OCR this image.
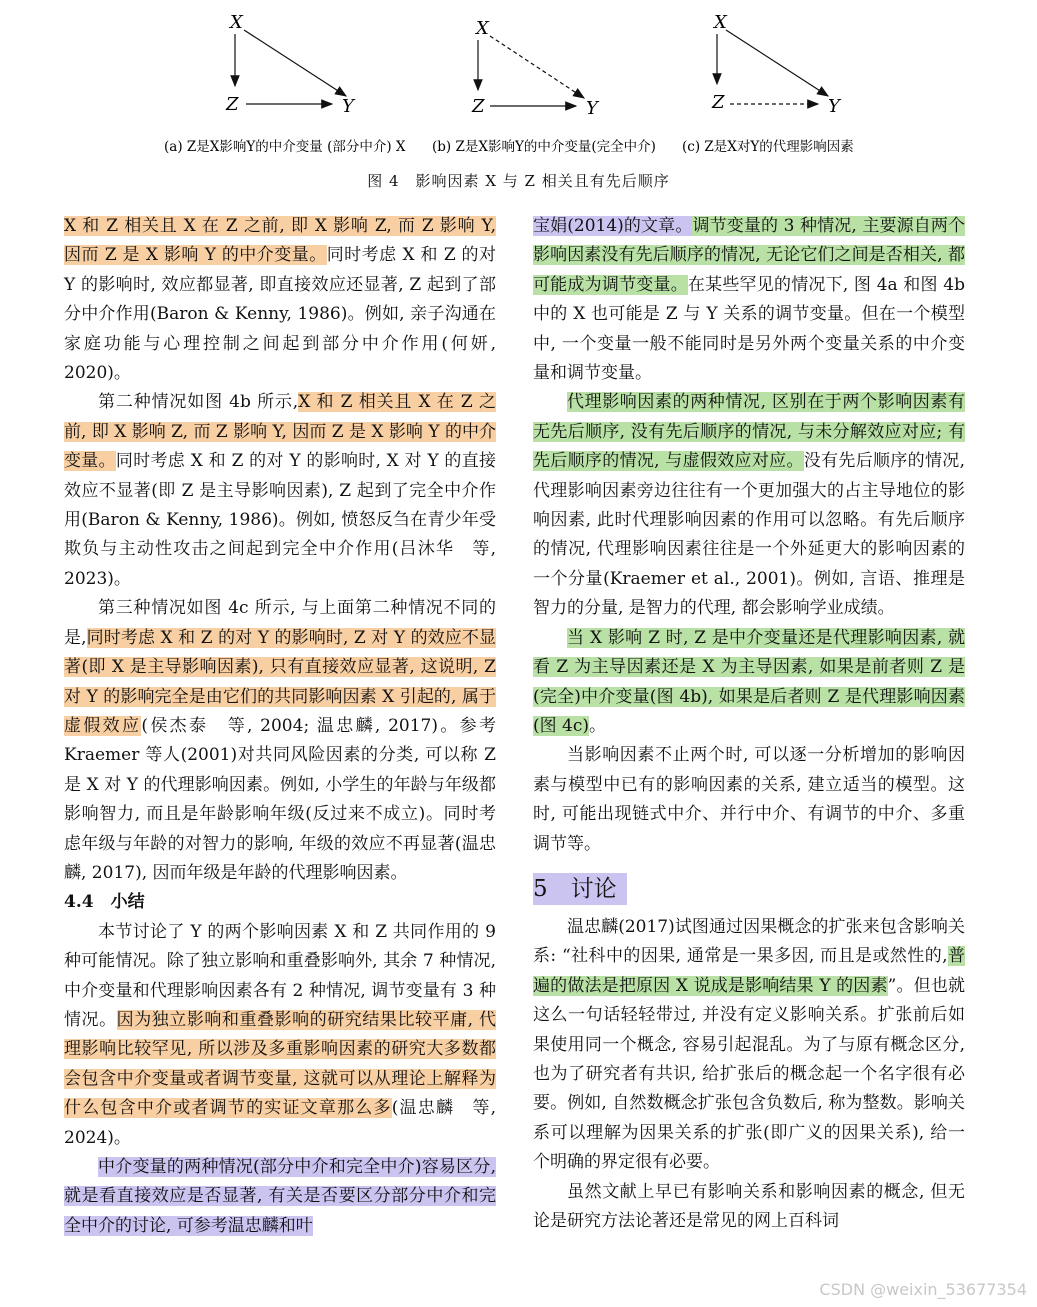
X
Z	Y
X
Z	Y
X
Z	Y
(a) Z是X影响Y的中介变量 (部分中介) X (b) Z是X影响Y的中介变量(完全中介) (c) Z是X对Y的代理影响因素
图 4　影响因素 X 与 Z 相关且有先后顺序

X 和 Z 相关且 X 在 Z 之前, 即 X 影响 Z, 而 Z 影响 Y, 因而 Z 是 X 影响 Y 的中介变量。同时考虑 X 和 Z 的对 Y 的影响时, 效应都显著, 即直接效应还显著, Z 起到了部分中介作用(Baron & Kenny, 1986)。例如, 亲子沟通在家庭功能与心理控制之间起到部分中介作用(何妍, 2020)。

第二种情况如图 4b 所示,X 和 Z 相关且 X 在 Z 之前, 即 X 影响 Z, 而 Z 影响 Y, 因而 Z 是 X 影响 Y 的中介变量。同时考虑 X 和 Z 的对 Y 的影响时, X 对 Y 的直接效应不显著(即 Z 是主导影响因素), Z 起到了完全中介作用(Baron & Kenny, 1986)。例如, 愤怒反刍在青少年受欺负与主动性攻击之间起到完全中介作用(吕沐华　等, 2023)。

第三种情况如图 4c 所示, 与上面第二种情况不同的是,同时考虑 X 和 Z 的对 Y 的影响时, Z 对 Y 的效应不显著(即 X 是主导影响因素), 只有直接效应显著, 这说明, Z 对 Y 的影响完全是由它们的共同影响因素 X 引起的, 属于虚假效应(侯杰泰　等, 2004; 温忠麟, 2017)。参考 Kraemer 等人(2001)对共同风险因素的分类, 可以称 Z 是 X 对 Y 的代理影响因素。例如, 小学生的年龄与年级都影响智力, 而且是年龄影响年级(反过来不成立)。同时考虑年级与年龄的对智力的影响, 年级的效应不再显著(温忠麟, 2017), 因而年级是年龄的代理影响因素。

4.4　小结

本节讨论了 Y 的两个影响因素 X 和 Z 共同作用的 9 种可能情况。除了独立影响和重叠影响外, 其余 7 种情况, 中介变量和代理影响因素各有 2 种情况, 调节变量有 3 种情况。因为独立影响和重叠影响的研究结果比较平庸, 代理影响比较罕见, 所以涉及多重影响因素的研究大多数都会包含中介变量或者调节变量, 这就可以从理论上解释为什么包含中介或者调节的实证文章那么多(温忠麟　等, 2024)。

中介变量的两种情况(部分中介和完全中介)容易区分, 就是看直接效应是否显著, 有关是否要区分部分中介和完全中介的讨论, 可参考温忠麟和叶

宝娟(2014)的文章。调节变量的 3 种情况, 主要源自两个影响因素没有先后顺序的情况, 无论它们之间是否相关, 都可能成为调节变量。在某些罕见的情况下, 图 4a 和图 4b 中的 X 也可能是 Z 与 Y 关系的调节变量。但在一个模型中, 一个变量一般不能同时是另外两个变量关系的中介变量和调节变量。

代理影响因素的两种情况, 区别在于两个影响因素有无先后顺序, 没有先后顺序的情况, 与未分解效应对应; 有先后顺序的情况, 与虚假效应对应。没有先后顺序的情况, 代理影响因素旁边往往有一个更加强大的占主导地位的影响因素, 此时代理影响因素的作用可以忽略。有先后顺序的情况, 代理影响因素往往是一个外延更大的影响因素的一个分量(Kraemer et al., 2001)。例如, 言语、推理是智力的分量, 是智力的代理, 都会影响学业成绩。

当 X 影响 Z 时, Z 是中介变量还是代理影响因素, 就看 Z 为主导因素还是 X 为主导因素, 如果是前者则 Z 是(完全)中介变量(图 4b), 如果是后者则 Z 是代理影响因素(图 4c)。

当影响因素不止两个时, 可以逐一分析增加的影响因素与模型中已有的影响因素的关系, 建立适当的模型。这时, 可能出现链式中介、并行中介、有调节的中介、多重调节等。

5　讨论

温忠麟(2017)试图通过因果概念的扩张来包含影响关系: “社科中的因果, 通常是一果多因, 而且是或然性的,普遍的做法是把原因 X 说成是影响结果 Y 的因素”。但也就这么一句话轻轻带过, 并没有定义影响关系。扩张前后如果使用同一个概念, 容易引起混乱。为了与原有概念区分, 也为了研究者有共识, 给扩张后的概念起一个名字很有必要。例如, 自然数概念扩张包含负数后, 称为整数。影响关系可以理解为因果关系的扩张(即广义的因果关系), 给一个明确的界定很有必要。

虽然文献上早已有影响关系和影响因素的概念, 但无论是研究方法论著还是常见的网上百科词

CSDN @weixin_53677354
